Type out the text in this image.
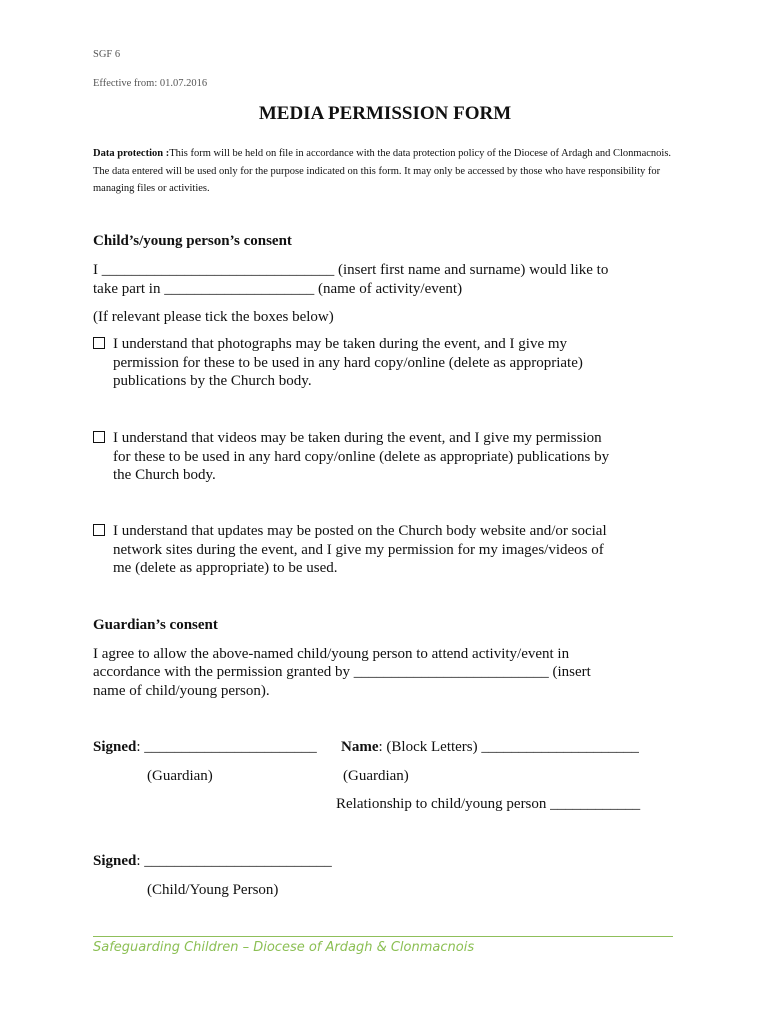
SGF 6
Effective from: 01.07.2016
MEDIA PERMISSION FORM
Data protection :This form will be held on file in accordance with the data protection policy of the Diocese of Ardagh and Clonmacnois. The data entered will be used only for the purpose indicated on this form. It may only be accessed by those who have responsibility for managing files or activities.
Child’s/young person’s consent
I _______________________________ (insert first name and surname) would like to
take part in ____________________ (name of activity/event)
(If relevant please tick the boxes below)
I understand that photographs may be taken during the event, and I give my
permission for these to be used in any hard copy/online (delete as appropriate)
publications by the Church body.
I understand that videos may be taken during the event, and I give my permission
for these to be used in any hard copy/online (delete as appropriate) publications by
the Church body.
I understand that updates may be posted on the Church body website and/or social
network sites during the event, and I give my permission for my images/videos of
me (delete as appropriate) to be used.
Guardian’s consent
I agree to allow the above-named child/young person to attend activity/event in
accordance with the permission granted by __________________________ (insert
name of child/young person).
Signed: _______________________ Name: (Block Letters) _____________________
(Guardian)	(Guardian)
Relationship to child/young person ____________
Signed: _________________________
(Child/Young Person)
Safeguarding Children – Diocese of Ardagh & Clonmacnois
